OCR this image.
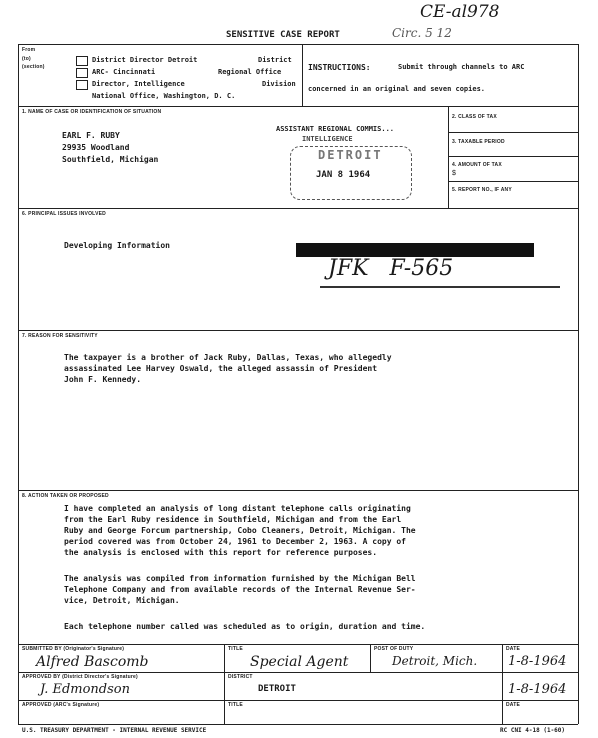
CE-al978
SENSITIVE CASE REPORT	Circ. 5 12
From
(to)
(section)
District Director Detroit	District
ARC- Cincinnati	Regional Office
Director, Intelligence	Division
National Office, Washington, D. C.
INSTRUCTIONS:	Submit through channels to ARC
concerned in an original and seven copies.
1. NAME OF CASE OR IDENTIFICATION OF SITUATION
EARL F. RUBY
29935 Woodland
Southfield, Michigan
ASSISTANT REGIONAL COMMIS...
INTELLIGENCE
DETROIT
JAN 8 1964
2. CLASS OF TAX
3. TAXABLE PERIOD
4. AMOUNT OF TAX
$
5. REPORT NO., IF ANY
6. PRINCIPAL ISSUES INVOLVED
Developing Information
JFK   F-565
7. REASON FOR SENSITIVITY
The taxpayer is a brother of Jack Ruby, Dallas, Texas, who allegedly
assassinated Lee Harvey Oswald, the alleged assassin of President
John F. Kennedy.
8. ACTION TAKEN OR PROPOSED
I have completed an analysis of long distant telephone calls originating
from the Earl Ruby residence in Southfield, Michigan and from the Earl
Ruby and George Forcum partnership, Cobo Cleaners, Detroit, Michigan. The
period covered was from October 24, 1961 to December 2, 1963. A copy of
the analysis is enclosed with this report for reference purposes.
The analysis was compiled from information furnished by the Michigan Bell
Telephone Company and from available records of the Internal Revenue Ser-
vice, Detroit, Michigan.
Each telephone number called was scheduled as to origin, duration and time.
SUBMITTED BY (Originator's Signature)
Alfred Bascomb
TITLE
Special Agent
POST OF DUTY
Detroit, Mich.
DATE
1-8-1964
APPROVED BY (District Director's Signature)
J. Edmondson
DISTRICT
DETROIT	1-8-1964
APPROVED (ARC's Signature)	TITLE	DATE
U.S. TREASURY DEPARTMENT - INTERNAL REVENUE SERVICE	RC CNI 4-18 (1-60)
